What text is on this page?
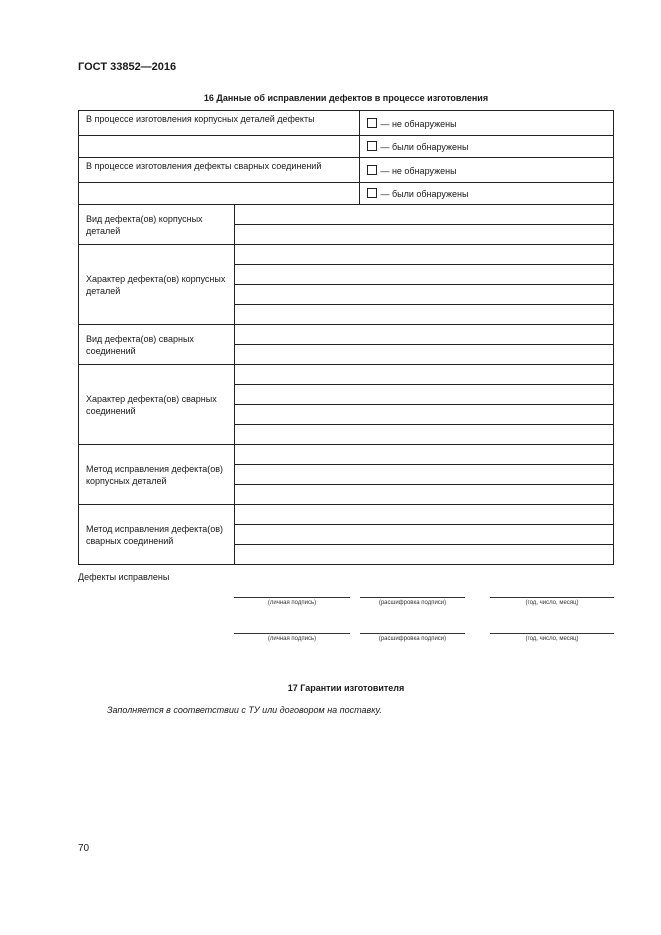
ГОСТ 33852—2016
16 Данные об исправлении дефектов в процессе изготовления
В процессе изготовления корпусных деталей дефекты		— не обнаружены
		— были обнаружены
В процессе изготовления дефекты сварных соединений		— не обнаружены
		— были обнаружены
Вид дефекта(ов) корпусных деталей		

Характер дефекта(ов) корпусных деталей		

Вид дефекта(ов) сварных соединений		

Характер дефекта(ов) сварных соединений		

Метод исправления дефекта(ов) корпусных деталей		

Метод исправления дефекта(ов) сварных соединений		

Дефекты исправлены
(личная подпись)	(расшифровка подписи)	(год, число, месяц)
(личная подпись)	(расшифровка подписи)	(год, число, месяц)
17 Гарантии изготовителя
Заполняется в соответствии с ТУ или договором на поставку.
70
